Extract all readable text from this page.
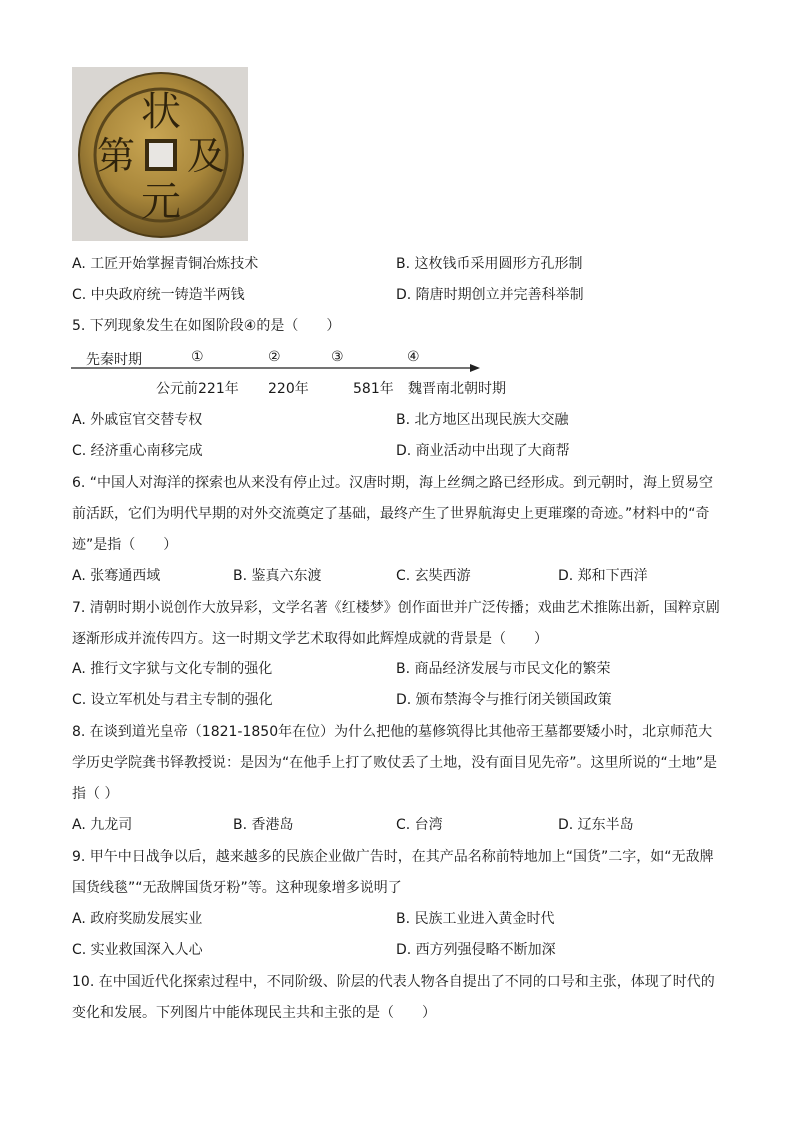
状
及
元
第
A. 工匠开始掌握青铜冶炼技术	B. 这枚钱币采用圆形方孔形制
C. 中央政府统一铸造半两钱	D. 隋唐时期创立并完善科举制
5. 下列现象发生在如图阶段④的是（　　）
先秦时期	①	②	③	④
公元前221年 220年	581年 魏晋南北朝时期
A. 外戚宦官交替专权	B. 北方地区出现民族大交融
C. 经济重心南移完成	D. 商业活动中出现了大商帮
6. “中国人对海洋的探索也从来没有停止过。汉唐时期，海上丝绸之路已经形成。到元朝时，海上贸易空前活跃，它们为明代早期的对外交流奠定了基础，最终产生了世界航海史上更璀璨的奇迹。”材料中的“奇迹”是指（　　）
A. 张骞通西域	B. 鉴真六东渡	C. 玄奘西游	D. 郑和下西洋
7. 清朝时期小说创作大放异彩，文学名著《红楼梦》创作面世并广泛传播；戏曲艺术推陈出新，国粹京剧逐渐形成并流传四方。这一时期文学艺术取得如此辉煌成就的背景是（　　）
A. 推行文字狱与文化专制的强化	B. 商品经济发展与市民文化的繁荣
C. 设立军机处与君主专制的强化	D. 颁布禁海令与推行闭关锁国政策
8. 在谈到道光皇帝（1821-1850年在位）为什么把他的墓修筑得比其他帝王墓都要矮小时，北京师范大学历史学院龚书铎教授说：是因为“在他手上打了败仗丢了土地，没有面目见先帝”。这里所说的“土地”是指（ ）
A. 九龙司	B. 香港岛	C. 台湾	D. 辽东半岛
9. 甲午中日战争以后，越来越多的民族企业做广告时，在其产品名称前特地加上“国货”二字，如“无敌牌国货线毯”“无敌牌国货牙粉”等。这种现象增多说明了
A. 政府奖励发展实业	B. 民族工业进入黄金时代
C. 实业救国深入人心	D. 西方列强侵略不断加深
10. 在中国近代化探索过程中，不同阶级、阶层的代表人物各自提出了不同的口号和主张，体现了时代的变化和发展。下列图片中能体现民主共和主张的是（　　）
